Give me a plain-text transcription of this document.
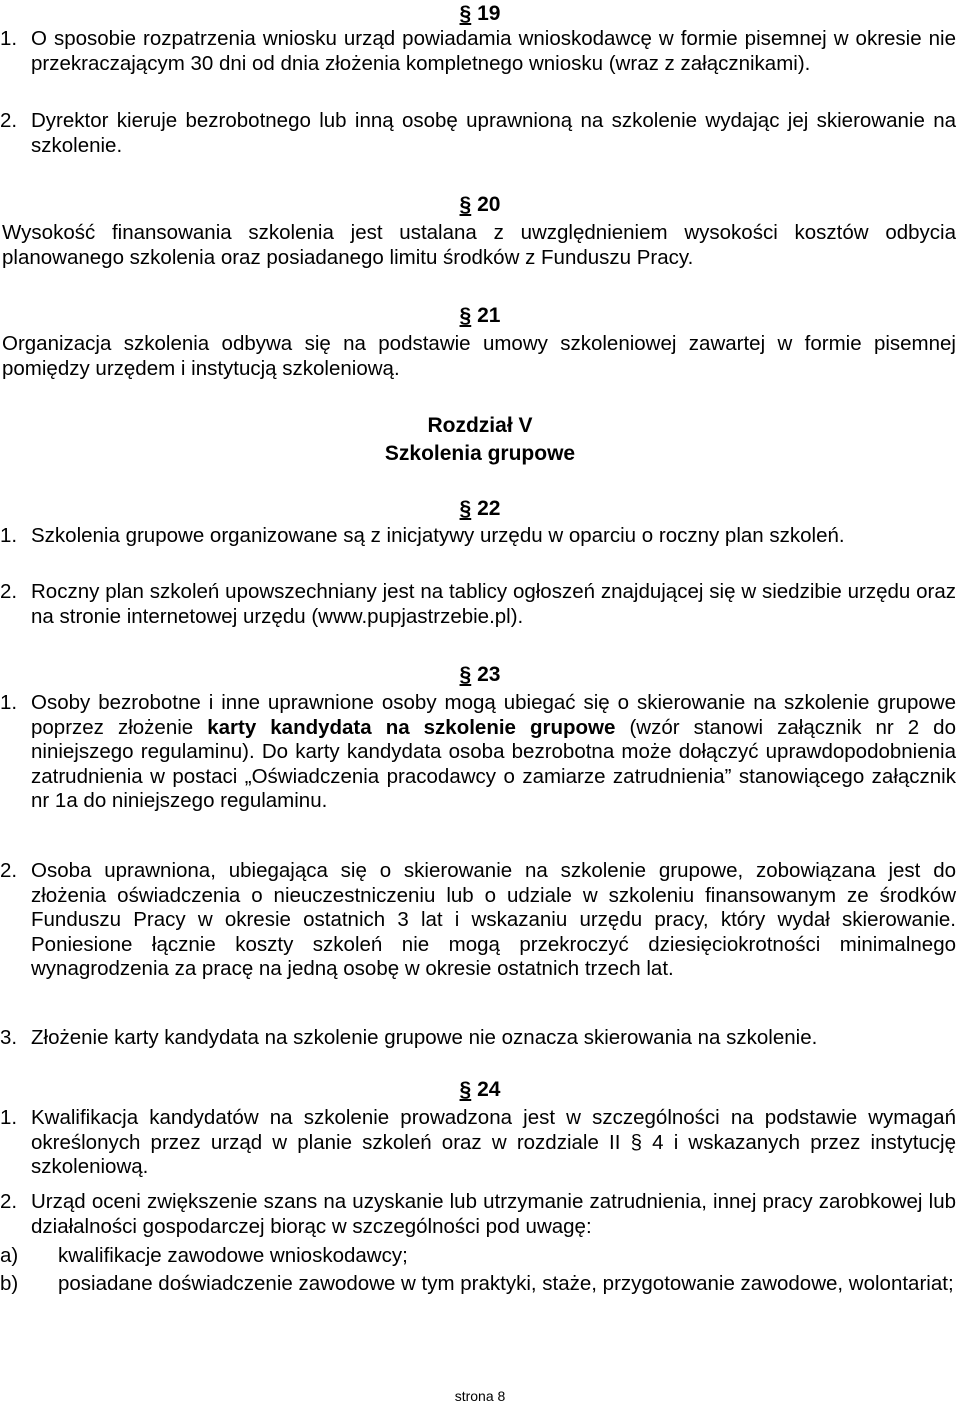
§ 19
1. O sposobie rozpatrzenia wniosku urząd powiadamia wnioskodawcę w formie pisemnej w okresie nie przekraczającym 30 dni od dnia złożenia kompletnego wniosku (wraz z załącznikami).
2. Dyrektor kieruje bezrobotnego lub inną osobę uprawnioną na szkolenie wydając jej skierowanie na szkolenie.
§ 20
Wysokość finansowania szkolenia jest ustalana z uwzględnieniem wysokości kosztów odbycia planowanego szkolenia oraz posiadanego limitu środków z Funduszu Pracy.
§ 21
Organizacja szkolenia odbywa się na podstawie umowy szkoleniowej zawartej w formie pisemnej pomiędzy urzędem i instytucją szkoleniową.
Rozdział V
Szkolenia grupowe
§ 22
1. Szkolenia grupowe organizowane są z inicjatywy urzędu w oparciu o roczny plan szkoleń.
2. Roczny plan szkoleń upowszechniany jest na tablicy ogłoszeń znajdującej się w siedzibie urzędu oraz na stronie internetowej urzędu (www.pupjastrzebie.pl).
§ 23
1. Osoby bezrobotne i inne uprawnione osoby mogą ubiegać się o skierowanie na szkolenie grupowe poprzez złożenie karty kandydata na szkolenie grupowe (wzór stanowi załącznik nr 2 do niniejszego regulaminu). Do karty kandydata osoba bezrobotna może dołączyć uprawdopodobnienia zatrudnienia w postaci „Oświadczenia pracodawcy o zamiarze zatrudnienia” stanowiącego załącznik nr 1a do niniejszego regulaminu.
2. Osoba uprawniona, ubiegająca się o skierowanie na szkolenie grupowe, zobowiązana jest do złożenia oświadczenia o nieuczestniczeniu lub o udziale w szkoleniu finansowanym ze środków Funduszu Pracy w okresie ostatnich 3 lat i wskazaniu urzędu pracy, który wydał skierowanie. Poniesione łącznie koszty szkoleń nie mogą przekroczyć dziesięciokrotności minimalnego wynagrodzenia za pracę na jedną osobę w okresie ostatnich trzech lat.
3. Złożenie karty kandydata na szkolenie grupowe nie oznacza skierowania na szkolenie.
§ 24
1. Kwalifikacja kandydatów na szkolenie prowadzona jest w szczególności na podstawie wymagań określonych przez urząd w planie szkoleń oraz w rozdziale II § 4 i wskazanych przez instytucję szkoleniową.
2. Urząd oceni zwiększenie szans na uzyskanie lub utrzymanie zatrudnienia, innej pracy zarobkowej lub działalności gospodarczej biorąc w szczególności pod uwagę:
a)	kwalifikacje zawodowe wnioskodawcy;
b)	posiadane doświadczenie zawodowe w tym praktyki, staże, przygotowanie zawodowe, wolontariat;
strona 8
